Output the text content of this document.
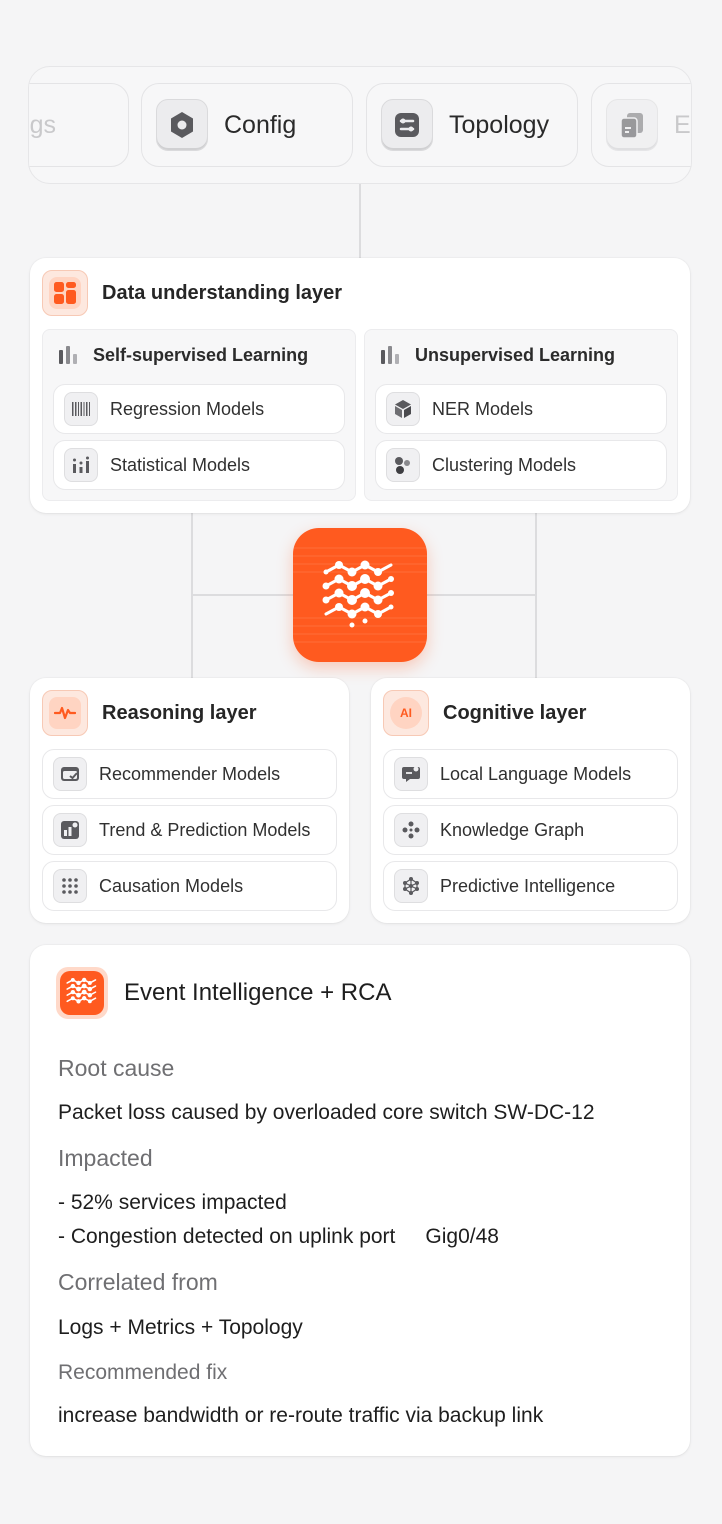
gs	Config	Topology	E
Data understanding layer
Self-supervised Learning
Regression Models
Statistical Models
Unsupervised Learning
NER Models
Clustering Models
Reasoning layer
Recommender Models
Trend & Prediction Models
Causation Models
AI Cognitive layer
Local Language Models
Knowledge Graph
Predictive Intelligence
Event Intelligence + RCA
Root cause
Packet loss caused by overloaded core switch SW-DC-12
Impacted
- 52% services impacted
- Congestion detected on uplink port Gig0/48
Correlated from
Logs + Metrics + Topology
Recommended fix
increase bandwidth or re-route traffic via backup link
